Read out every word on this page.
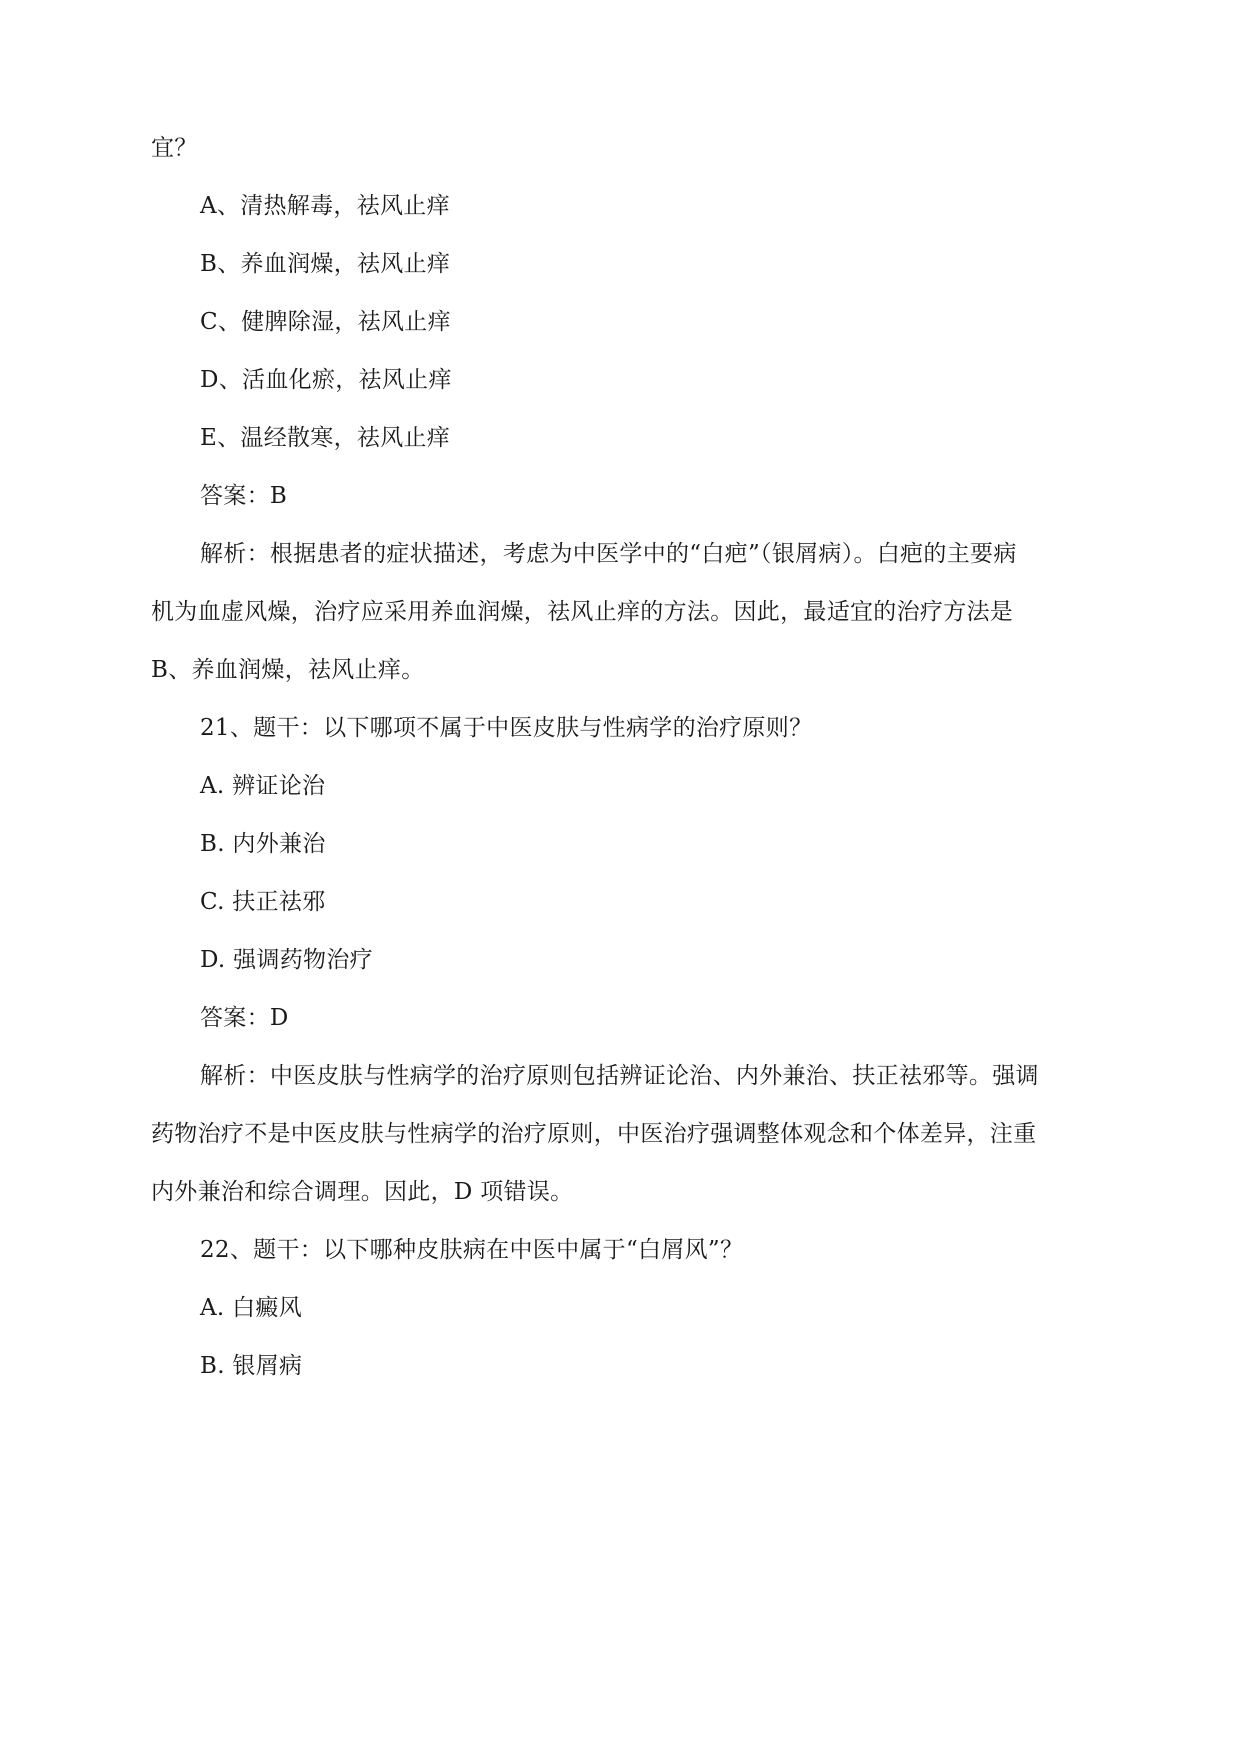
宜？
A、清热解毒，祛风止痒
B、养血润燥，祛风止痒
C、健脾除湿，祛风止痒
D、活血化瘀，祛风止痒
E、温经散寒，祛风止痒
答案：B
解析：根据患者的症状描述，考虑为中医学中的“白疤”（银屑病）。白疤的主要病
机为血虚风燥，治疗应采用养血润燥，祛风止痒的方法。因此，最适宜的治疗方法是
B、养血润燥，祛风止痒。
21、题干：以下哪项不属于中医皮肤与性病学的治疗原则？
A. 辨证论治
B. 内外兼治
C. 扶正祛邪
D. 强调药物治疗
答案：D
解析：中医皮肤与性病学的治疗原则包括辨证论治、内外兼治、扶正祛邪等。强调
药物治疗不是中医皮肤与性病学的治疗原则，中医治疗强调整体观念和个体差异，注重
内外兼治和综合调理。因此，D 项错误。
22、题干：以下哪种皮肤病在中医中属于“白屑风”？
A. 白癜风
B. 银屑病
